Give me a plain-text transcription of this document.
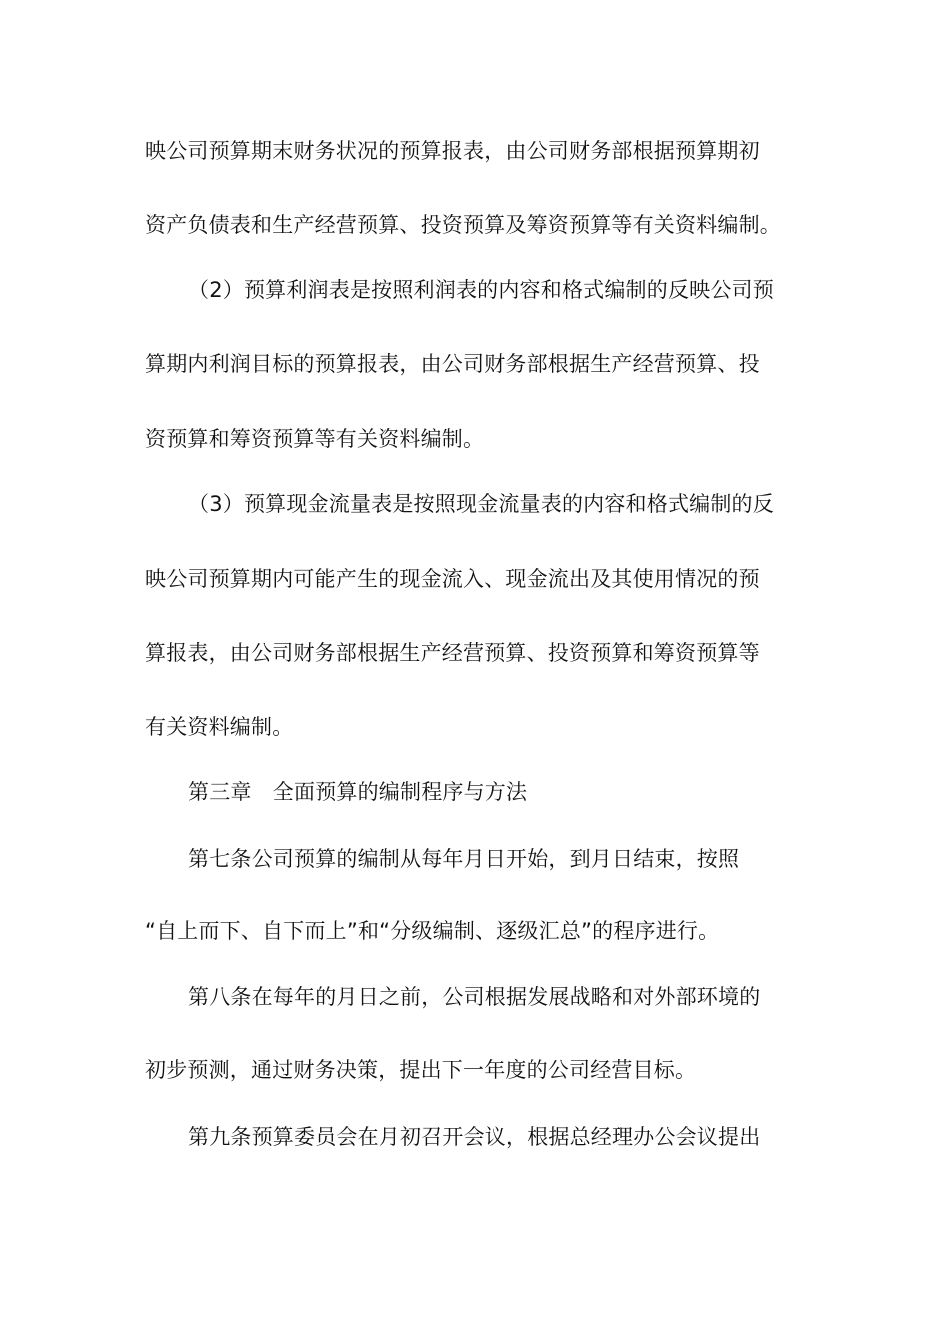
映公司预算期末财务状况的预算报表，由公司财务部根据预算期初
资产负债表和生产经营预算、投资预算及筹资预算等有关资料编制。
（2）预算利润表是按照利润表的内容和格式编制的反映公司预
算期内利润目标的预算报表，由公司财务部根据生产经营预算、投
资预算和筹资预算等有关资料编制。
（3）预算现金流量表是按照现金流量表的内容和格式编制的反
映公司预算期内可能产生的现金流入、现金流出及其使用情况的预
算报表，由公司财务部根据生产经营预算、投资预算和筹资预算等
有关资料编制。
第三章　全面预算的编制程序与方法
第七条公司预算的编制从每年月日开始，到月日结束，按照
“自上而下、自下而上”和“分级编制、逐级汇总”的程序进行。
第八条在每年的月日之前，公司根据发展战略和对外部环境的
初步预测，通过财务决策，提出下一年度的公司经营目标。
第九条预算委员会在月初召开会议，根据总经理办公会议提出
